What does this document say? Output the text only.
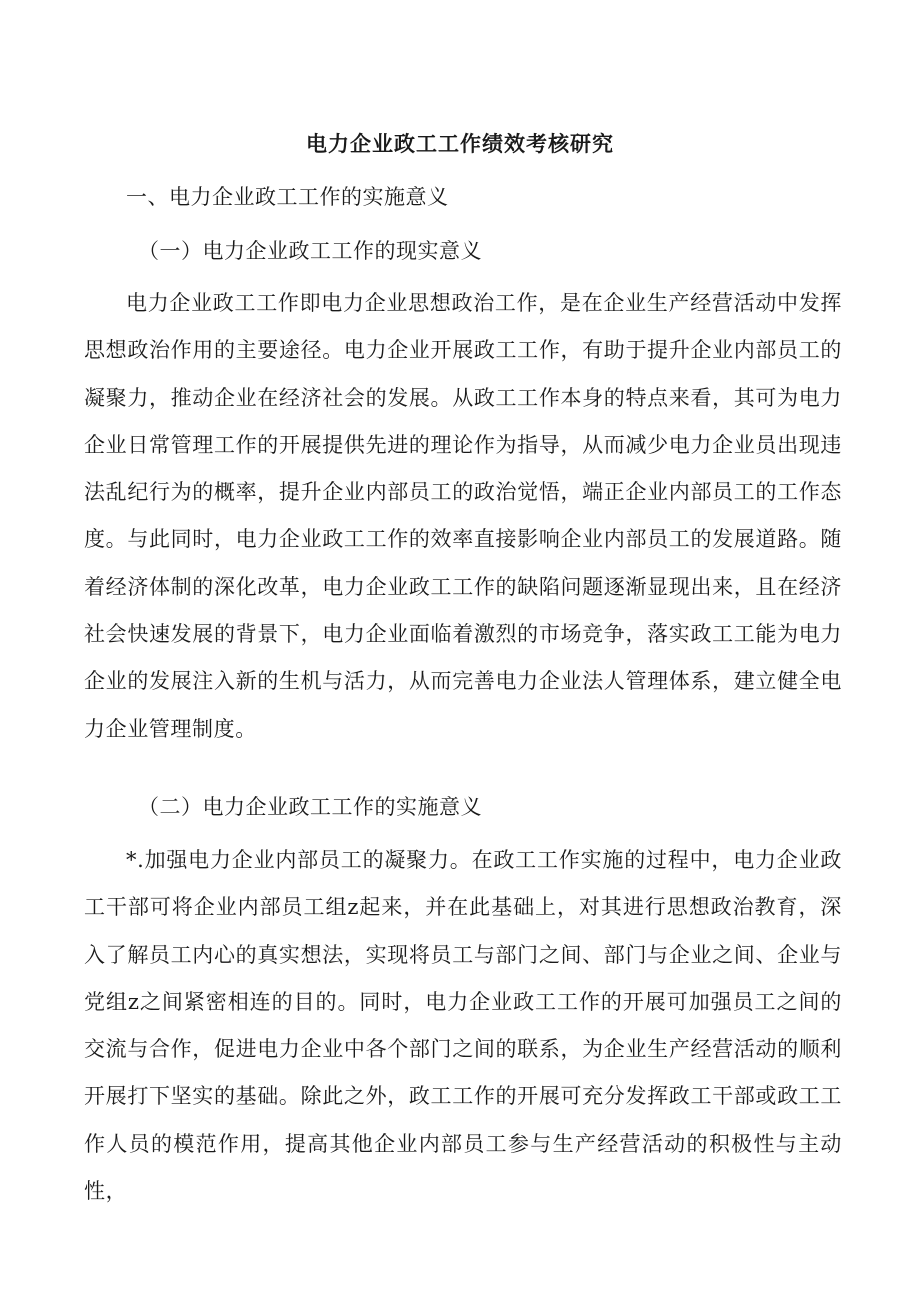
电力企业政工工作绩效考核研究
一、电力企业政工工作的实施意义
（一）电力企业政工工作的现实意义

电力企业政工工作即电力企业思想政治工作，是在企业生产经营活动中发挥思想政治作用的主要途径。电力企业开展政工工作，有助于提升企业内部员工的凝聚力，推动企业在经济社会的发展。从政工工作本身的特点来看，其可为电力企业日常管理工作的开展提供先进的理论作为指导，从而减少电力企业员出现违法乱纪行为的概率，提升企业内部员工的政治觉悟，端正企业内部员工的工作态度。与此同时，电力企业政工工作的效率直接影响企业内部员工的发展道路。随着经济体制的深化改革，电力企业政工工作的缺陷问题逐渐显现出来，且在经济社会快速发展的背景下，电力企业面临着激烈的市场竞争，落实政工工能为电力企业的发展注入新的生机与活力，从而完善电力企业法人管理体系，建立健全电力企业管理制度。

（二）电力企业政工工作的实施意义

*.加强电力企业内部员工的凝聚力。在政工工作实施的过程中，电力企业政工干部可将企业内部员工组z起来，并在此基础上，对其进行思想政治教育，深入了解员工内心的真实想法，实现将员工与部门之间、部门与企业之间、企业与党组z之间紧密相连的目的。同时，电力企业政工工作的开展可加强员工之间的交流与合作，促进电力企业中各个部门之间的联系，为企业生产经营活动的顺利开展打下坚实的基础。除此之外，政工工作的开展可充分发挥政工干部或政工工作人员的模范作用，提高其他企业内部员工参与生产经营活动的积极性与主动性，
